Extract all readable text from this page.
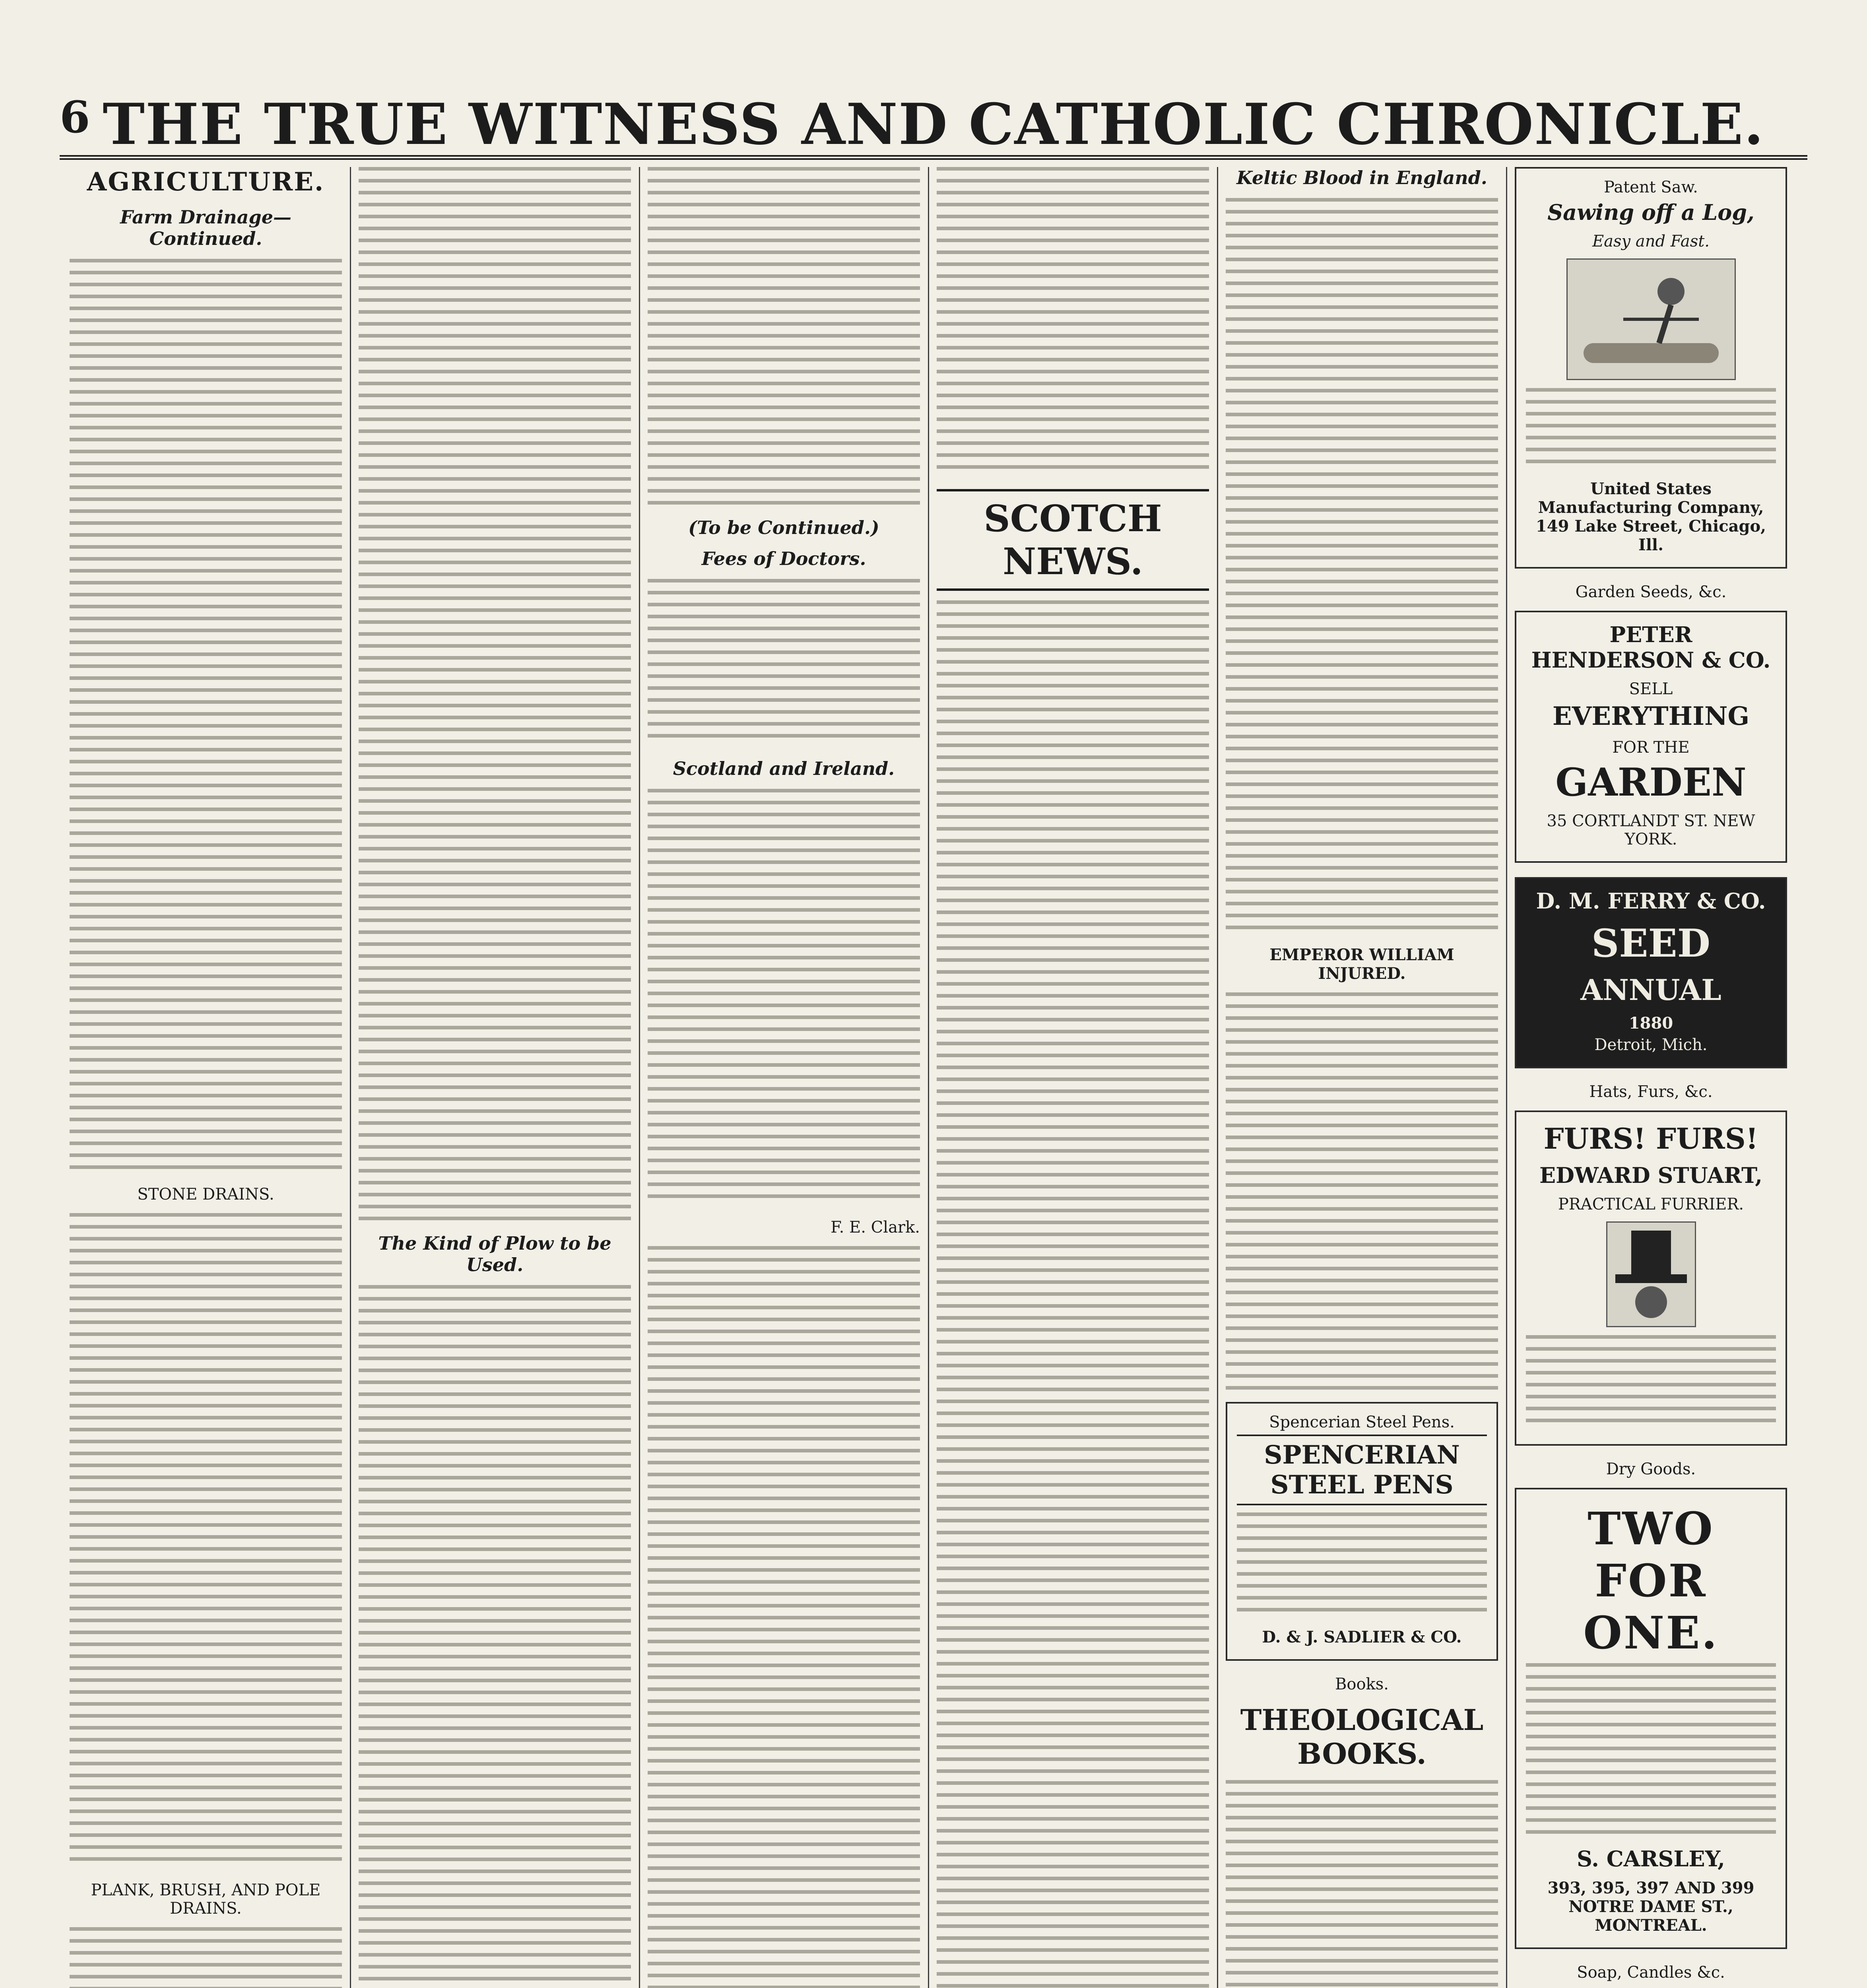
6 THE TRUE WITNESS AND CATHOLIC CHRONICLE.
AGRICULTURE.
Farm Drainage—Continued.
STONE DRAINS.
PLANK, BRUSH, AND POLE DRAINS.
The Kind of Plow to be Used.
(To be Continued.)
Fees of Doctors.
Scotland and Ireland.
F. E. Clark.
SCOTCH NEWS.
Keltic Blood in England.
EMPEROR WILLIAM INJURED.
Spencerian Steel Pens.
SPENCERIAN STEEL PENS
D. & J. SADLIER & CO.
Books.
THEOLOGICAL BOOKS.
Patent Saw.
Sawing off a Log,
Easy and Fast.
United States Manufacturing Company, 149 Lake Street, Chicago, Ill.
Garden Seeds, &c.
PETER HENDERSON & CO.
SELL
EVERYTHING
FOR THE
GARDEN
35 CORTLANDT ST. NEW YORK.
D. M. FERRY & CO.
SEED
ANNUAL
1880
Detroit, Mich.
Hats, Furs, &c.
FURS! FURS!
EDWARD STUART,
PRACTICAL FURRIER.
Dry Goods.
TWO FOR ONE.
S. CARSLEY,
393, 395, 397 AND 399 NOTRE DAME ST., MONTREAL.
Soap, Candles &c.
